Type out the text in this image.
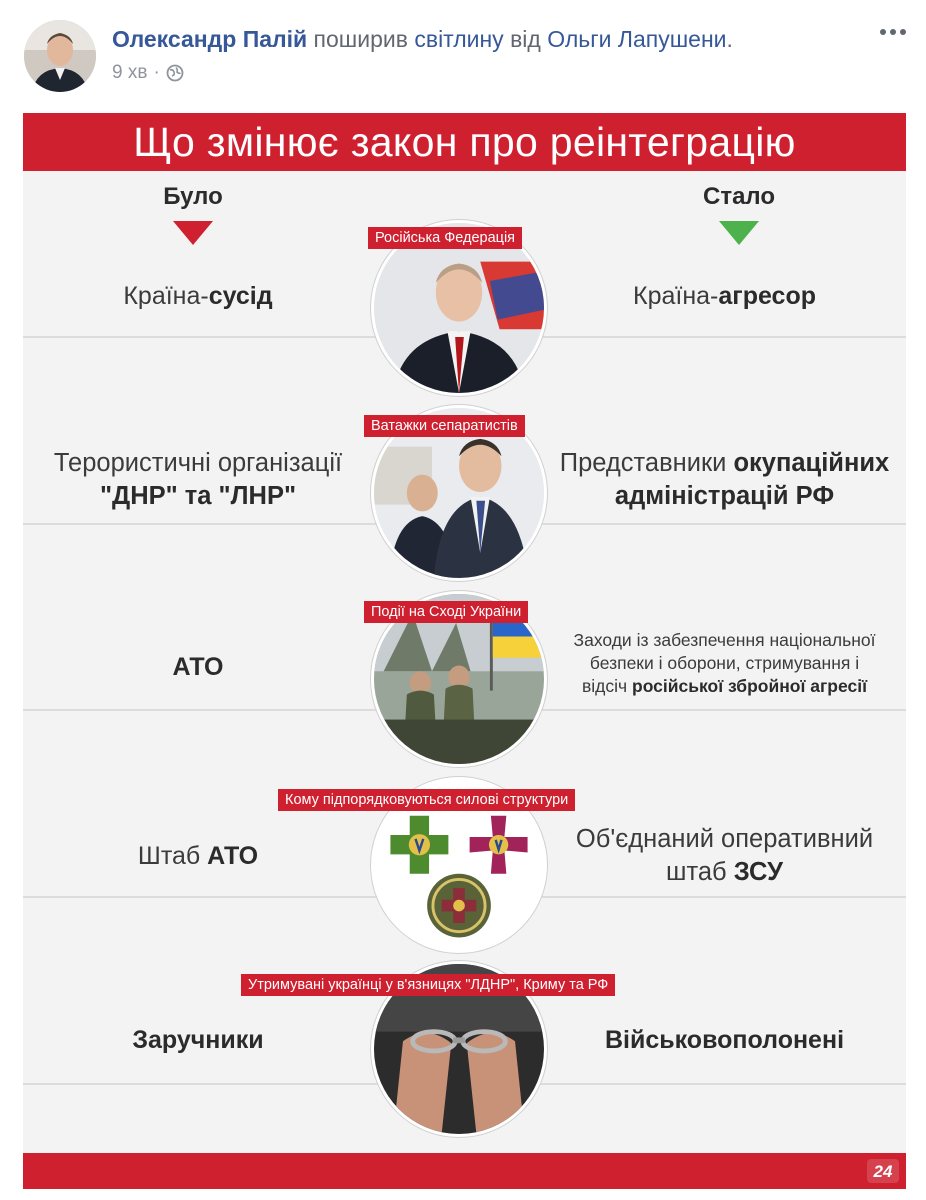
Олександр Палій поширив світлину від Ольги Лапушени.
9 хв ·
Що змінює закон про реінтеграцію
Було	Стало
Країна-сусід
Російська Федерація
Країна-агресор
Терористичні організації
"ДНР" та "ЛНР"
Ватажки сепаратистів
Представники окупаційних
адміністрацій РФ
АТО
Події на Сході України
Заходи із забезпечення національної
безпеки і оборони, стримування і
відсіч російської збройної агресії
Штаб АТО
Кому підпорядковуються силові структури
Об'єднаний оперативний
штаб ЗСУ
Заручники
Утримувані українці у в'язницях "ЛДНР", Криму та РФ
Військовополонені
24
